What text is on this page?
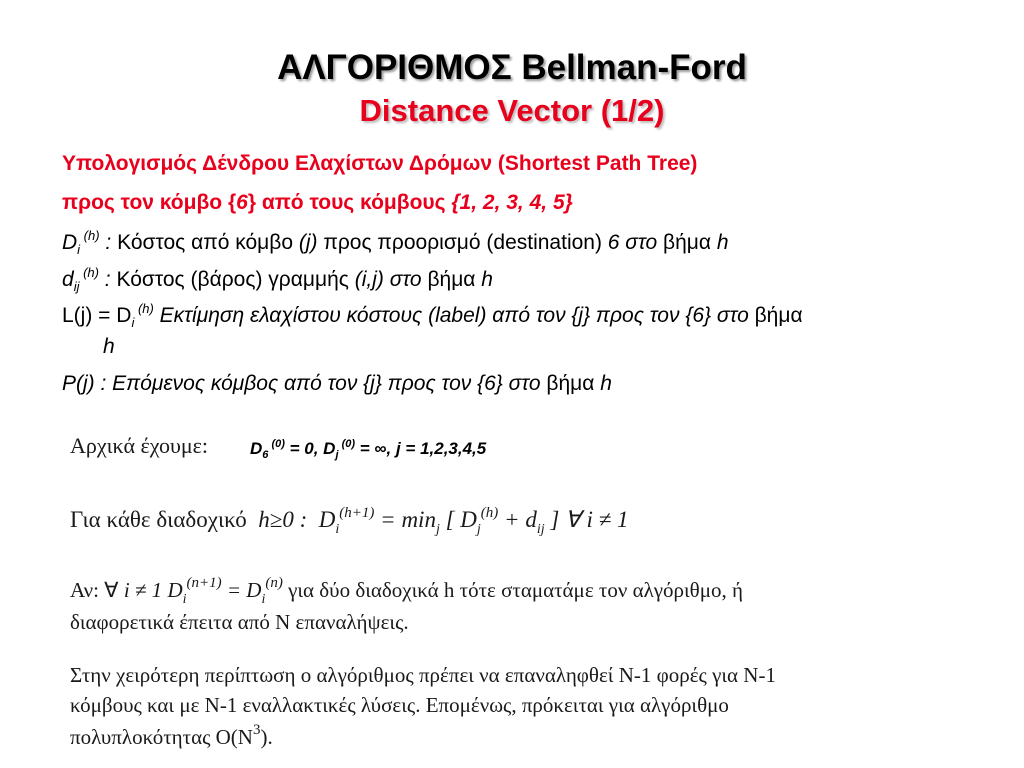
ΑΛΓΟΡΙΘΜΟΣ Bellman-Ford
Distance Vector (1/2)
Υπολογισμός Δένδρου Ελαχίστων Δρόμων (Shortest Path Tree)
προς τον κόμβο {6} από τους κόμβους {1, 2, 3, 4, 5}
$D_i$ $^{(h)}$ : Κόστος από κόμβο (j) προς προορισμό (destination) 6 στο βήμα h
$d_{ij}$ $^{(h)}$ : Κόστος (βάρος) γραμμής (i,j) στο βήμα h
$L(j) = D_i$ $^{(h)}$ Εκτίμηση ελαχίστου κόστους (label) από τον {j} προς τον {6} στο βήμα
h
P(j) : Επόμενος κόμβος από τον {j} προς τον {6} στο βήμα h
Αρχικά έχουμε: $D_6$ $^{(0)}$ = 0, $D_j$ $^{(0)}$ = ∞, j = 1,2,3,4,5
Για κάθε διαδοχικό h≥0 : $D_i^{(h+1)} = \min_j$ [ $D_j^{(h)} + d_{ij}$ ] ∀ i ≠ 1
Αν: ∀ i ≠ 1 $D_i^{(n+1)} = D_i^{(n)}$ για δύο διαδοχικά h τότε σταματάμε τον αλγόριθμο, ή
διαφορετικά έπειτα από N επαναλήψεις.
Στην χειρότερη περίπτωση ο αλγόριθμος πρέπει να επαναληφθεί N-1 φορές για N-1
κόμβους και με N-1 εναλλακτικές λύσεις. Επομένως, πρόκειται για αλγόριθμο
πολυπλοκότητας $O(N^3)$.
